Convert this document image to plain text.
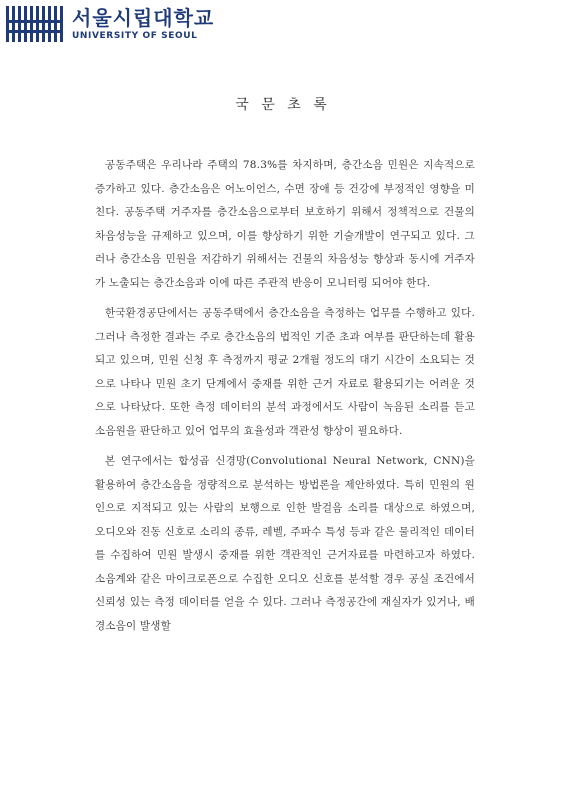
서울시립대학교
UNIVERSITY OF SEOUL
국 문 초 록

공동주택은 우리나라 주택의 78.3%를 차지하며, 층간소음 민원은 지속적으로 증가하고 있다. 층간소음은 어노이언스, 수면 장애 등 건강에 부정적인 영향을 미친다. 공동주택 거주자를 층간소음으로부터 보호하기 위해서 정책적으로 건물의 차음성능을 규제하고 있으며, 이를 향상하기 위한 기술개발이 연구되고 있다. 그러나 층간소음 민원을 저감하기 위해서는 건물의 차음성능 향상과 동시에 거주자가 노출되는 층간소음과 이에 따른 주관적 반응이 모니터링 되어야 한다.

한국환경공단에서는 공동주택에서 층간소음을 측정하는 업무를 수행하고 있다. 그러나 측정한 결과는 주로 층간소음의 법적인 기준 초과 여부를 판단하는데 활용되고 있으며, 민원 신청 후 측정까지 평균 2개월 정도의 대기 시간이 소요되는 것으로 나타나 민원 초기 단계에서 중재를 위한 근거 자료로 활용되기는 어려운 것으로 나타났다. 또한 측정 데이터의 분석 과정에서도 사람이 녹음된 소리를 듣고 소음원을 판단하고 있어 업무의 효율성과 객관성 향상이 필요하다.

본 연구에서는 합성곱 신경망(Convolutional Neural Network, CNN)을 활용하여 층간소음을 정량적으로 분석하는 방법론을 제안하였다. 특히 민원의 원인으로 지적되고 있는 사람의 보행으로 인한 발걸음 소리를 대상으로 하였으며, 오디오와 진동 신호로 소리의 종류, 레벨, 주파수 특성 등과 같은 물리적인 데이터를 수집하여 민원 발생시 중재를 위한 객관적인 근거자료를 마련하고자 하였다. 소음계와 같은 마이크로폰으로 수집한 오디오 신호를 분석할 경우 공실 조건에서 신뢰성 있는 측정 데이터를 얻을 수 있다. 그러나 측정공간에 재실자가 있거나, 배경소음이 발생할
